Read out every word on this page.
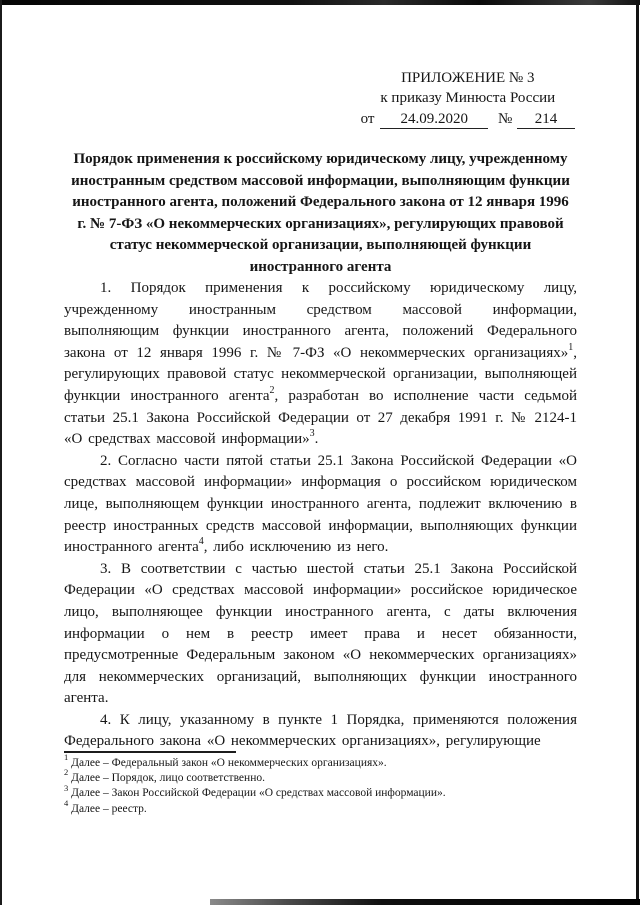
ПРИЛОЖЕНИЕ № 3
к приказу Минюста России
от 24.09.2020 № 214
Порядок применения к российскому юридическому лицу, учрежденному иностранным средством массовой информации, выполняющим функции иностранного агента, положений Федерального закона от 12 января 1996 г. № 7-ФЗ «О некоммерческих организациях», регулирующих правовой статус некоммерческой организации, выполняющей функции иностранного агента

1. Порядок применения к российскому юридическому лицу, учрежденному иностранным средством массовой информации, выполняющим функции иностранного агента, положений Федерального закона от 12 января 1996 г. № 7-ФЗ «О некоммерческих организациях»$^1$, регулирующих правовой статус некоммерческой организации, выполняющей функции иностранного агента$^2$, разработан во исполнение части седьмой статьи 25.1 Закона Российской Федерации от 27 декабря 1991 г. № 2124-1 «О средствах массовой информации»$^3$.

2. Согласно части пятой статьи 25.1 Закона Российской Федерации «О средствах массовой информации» информация о российском юридическом лице, выполняющем функции иностранного агента, подлежит включению в реестр иностранных средств массовой информации, выполняющих функции иностранного агента$^4$, либо исключению из него.

3. В соответствии с частью шестой статьи 25.1 Закона Российской Федерации «О средствах массовой информации» российское юридическое лицо, выполняющее функции иностранного агента, с даты включения информации о нем в реестр имеет права и несет обязанности, предусмотренные Федеральным законом «О некоммерческих организациях» для некоммерческих организаций, выполняющих функции иностранного агента.

4. К лицу, указанному в пункте 1 Порядка, применяются положения Федерального закона «О некоммерческих организациях», регулирующие

$^1$ Далее – Федеральный закон «О некоммерческих организациях».
$^2$ Далее – Порядок, лицо соответственно.
$^3$ Далее – Закон Российской Федерации «О средствах массовой информации».
$^4$ Далее – реестр.
